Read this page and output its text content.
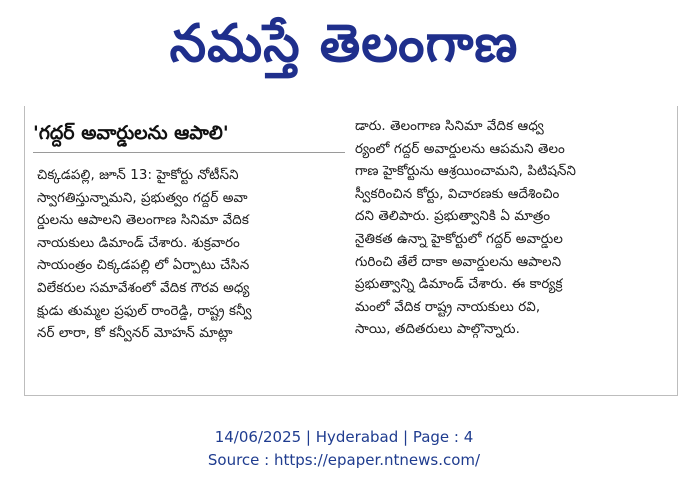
నమస్తే తెలంగాణ
'గద్దర్ అవార్డులను ఆపాలి'
చిక్కడపల్లి, జూన్ 13: హైకోర్టు నోటీస్‌ని
స్వాగతిస్తున్నామని, ప్రభుత్వం గద్దర్ అవా
ర్డులను ఆపాలని తెలంగాణ సినిమా వేదిక
నాయకులు డిమాండ్ చేశారు. శుక్రవారం
సాయంత్రం చిక్కడపల్లి లో ఏర్పాటు చేసిన
విలేకరుల సమావేశంలో వేదిక గౌరవ అధ్య
క్షుడు తుమ్మల ప్రఫుల్ రాంరెడ్డి, రాష్ట్ర కన్వీ
నర్ లారా, కో కన్వీనర్ మోహన్ మాట్లా
డారు. తెలంగాణ సినిమా వేదిక ఆధ్వ
ర్యంలో గద్దర్ అవార్డులను ఆపమని తెలం
గాణ హైకోర్టును ఆశ్రయించామని, పిటిషన్‌ని
స్వీకరించిన కోర్టు, విచారణకు ఆదేశించిం
దని తెలిపారు. ప్రభుత్వానికి ఏ మాత్రం
నైతికత ఉన్నా హైకోర్టులో గద్దర్ అవార్డుల
గురించి తేలే దాకా అవార్డులను ఆపాలని
ప్రభుత్వాన్ని డిమాండ్ చేశారు. ఈ కార్యక్ర
మంలో వేదిక రాష్ట్ర నాయకులు రవి,
సాయి, తదితరులు పాల్గొన్నారు.
14/06/2025 | Hyderabad | Page : 4
Source : https://epaper.ntnews.com/
